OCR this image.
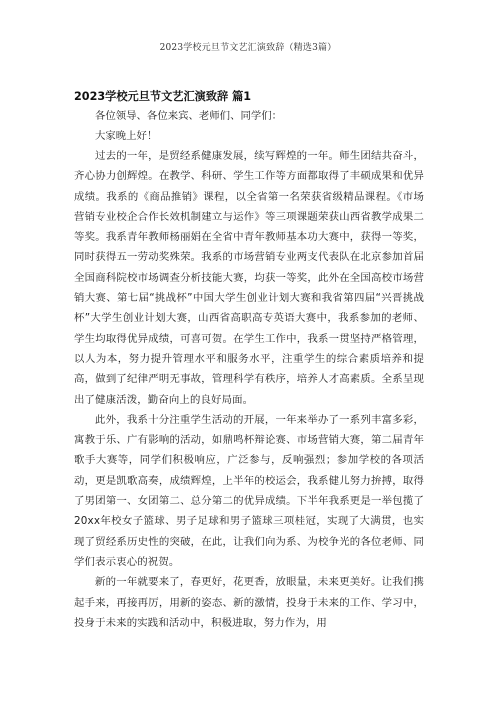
2023学校元旦节文艺汇演致辞（精选3篇）
2023学校元旦节文艺汇演致辞 篇1

各位领导、各位来宾、老师们、同学们：

大家晚上好！

过去的一年，是贸经系健康发展，续写辉煌的一年。师生团结共奋斗，齐心协力创辉煌。在教学、科研、学生工作等方面都取得了丰硕成果和优异成绩。我系的《商品推销》课程，以全省第一名荣获省级精品课程。《市场营销专业校企合作长效机制建立与运作》等三项课题荣获山西省教学成果二等奖。我系青年教师杨丽娟在全省中青年教师基本功大赛中，获得一等奖，同时获得五一劳动奖殊荣。我系的市场营销专业两支代表队在北京参加首届全国商科院校市场调查分析技能大赛，均获一等奖，此外在全国高校市场营销大赛、第七届“挑战杯”中国大学生创业计划大赛和我省第四届“兴晋挑战杯”大学生创业计划大赛，山西省高职高专英语大赛中，我系参加的老师、学生均取得优异成绩，可喜可贺。在学生工作中，我系一贯坚持严格管理，以人为本，努力提升管理水平和服务水平，注重学生的综合素质培养和提高，做到了纪律严明无事故，管理科学有秩序，培养人才高素质。全系呈现出了健康活泼，勤奋向上的良好局面。

此外，我系十分注重学生活动的开展，一年来举办了一系列丰富多彩，寓教于乐、广有影响的活动，如鼎鸣杯辩论赛、市场营销大赛，第二届青年歌手大赛等，同学们积极响应，广泛参与，反响强烈；参加学校的各项活动，更是凯歌高奏，成绩辉煌，上半年的校运会，我系健儿努力拚搏，取得了男团第一、女团第二、总分第二的优异成绩。下半年我系更是一举包揽了20xx年校女子篮球、男子足球和男子篮球三项桂冠，实现了大满贯，也实现了贸经系历史性的突破，在此，让我们向为系、为校争光的各位老师、同学们表示衷心的祝贺。

新的一年就要来了，春更好，花更香，放眼量，未来更美好。让我们携起手来，再接再厉，用新的姿态、新的激情，投身于未来的工作、学习中，投身于未来的实践和活动中，积极进取，努力作为，用
